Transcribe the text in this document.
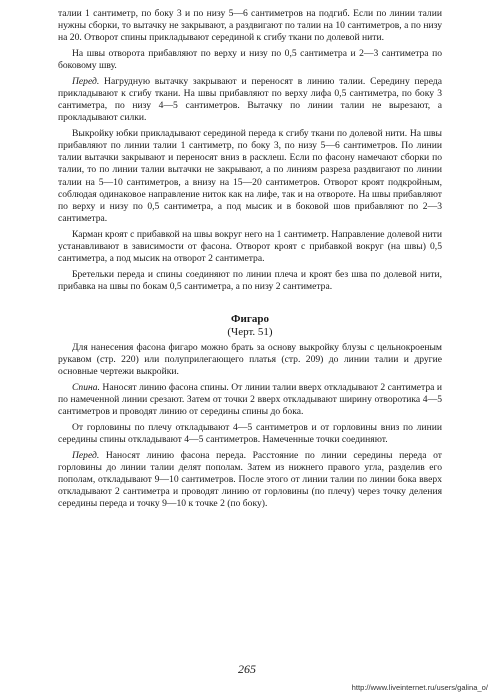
талии 1 сантиметр, по боку 3 и по низу 5—6 сантиметров на подгиб. Если по линии талии нужны сборки, то вытачку не закрывают, а раздвигают по талии на 10 сантиметров, а по низу на 20. Отворот спины прикладывают серединой к сгибу ткани по долевой нити.

На швы отворота прибавляют по верху и низу по 0,5 сантиметра и 2—3 сантиметра по боковому шву.

Перед. Нагрудную вытачку закрывают и переносят в линию талии. Середину переда прикладывают к сгибу ткани. На швы прибавляют по верху лифа 0,5 сантиметра, по боку 3 сантиметра, по низу 4—5 сантиметров. Вытачку по линии талии не вырезают, а прокладывают силки.

Выкройку юбки прикладывают серединой переда к сгибу ткани по долевой нити. На швы прибавляют по линии талии 1 сантиметр, по боку 3, по низу 5—6 сантиметров. По линии талии вытачки закрывают и переносят вниз в расклеш. Если по фасону намечают сборки по талии, то по линии талии вытачки не закрывают, а по линиям разреза раздвигают по линии талии на 5—10 сантиметров, а внизу на 15—20 сантиметров. Отворот кроят подкройным, соблюдая одинаковое направление ниток как на лифе, так и на отвороте. На швы прибавляют по верху и низу по 0,5 сантиметра, а под мысик и в боковой шов прибавляют по 2—3 сантиметра.

Карман кроят с прибавкой на швы вокруг него на 1 сантиметр. Направление долевой нити устанавливают в зависимости от фасона. Отворот кроят с прибавкой вокруг (на швы) 0,5 сантиметра, а под мысик на отворот 2 сантиметра.

Бретельки переда и спины соединяют по линии плеча и кроят без шва по долевой нити, прибавка на швы по бокам 0,5 сантиметра, а по низу 2 сантиметра.

Фигаро
(Черт. 51)

Для нанесения фасона фигаро можно брать за основу выкройку блузы с цельнокроеным рукавом (стр. 220) или полуприлегающего платья (стр. 209) до линии талии и другие основные чертежи выкройки.

Спина. Наносят линию фасона спины. От линии талии вверх откладывают 2 сантиметра и по намеченной линии срезают. Затем от точки 2 вверх откладывают ширину отворотика 4—5 сантиметров и проводят линию от середины спины до бока.

От горловины по плечу откладывают 4—5 сантиметров и от горловины вниз по линии середины спины откладывают 4—5 сантиметров. Намеченные точки соединяют.

Перед. Наносят линию фасона переда. Расстояние по линии середины переда от горловины до линии талии делят пополам. Затем из нижнего правого угла, разделив его пополам, откладывают 9—10 сантиметров. После этого от линии талии по линии бока вверх откладывают 2 сантиметра и проводят линию от горловины (по плечу) через точку деления середины переда и точку 9—10 к точке 2 (по боку).

265
http://www.liveinternet.ru/users/galina_o/
